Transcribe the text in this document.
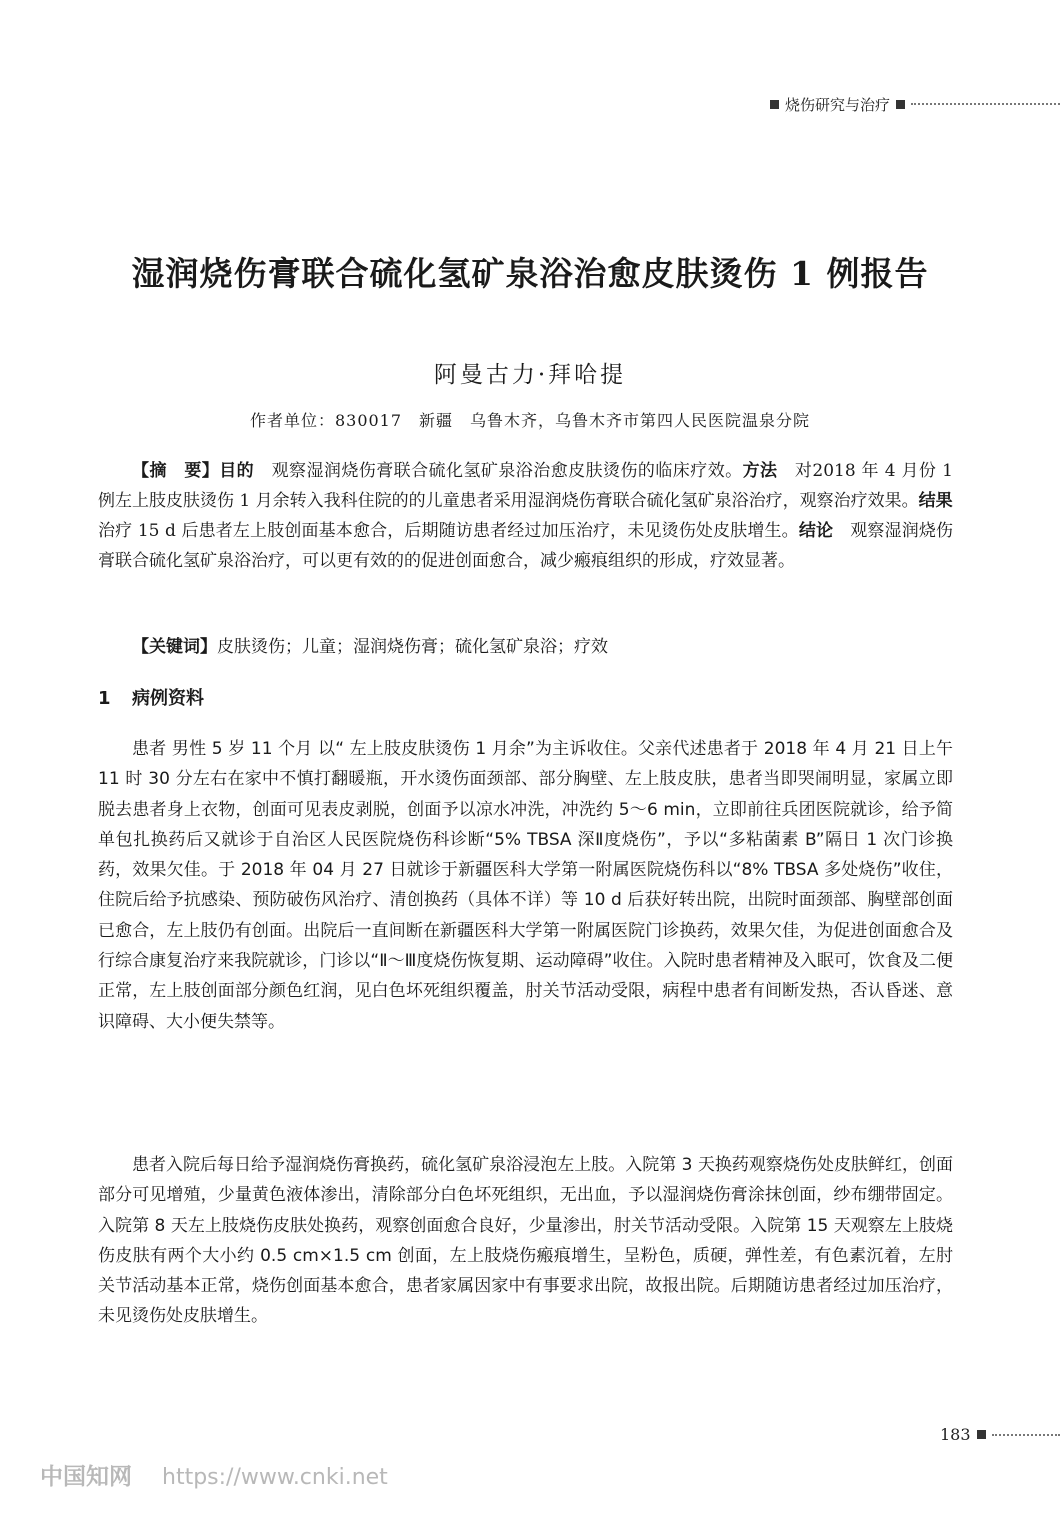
烧伤研究与治疗
湿润烧伤膏联合硫化氢矿泉浴治愈皮肤烫伤 1 例报告
阿曼古力·拜哈提
作者单位：830017　新疆　乌鲁木齐，乌鲁木齐市第四人民医院温泉分院
【摘　要】目的　观察湿润烧伤膏联合硫化氢矿泉浴治愈皮肤烫伤的临床疗效。方法　对2018 年 4 月份 1 例左上肢皮肤烫伤 1 月余转入我科住院的的儿童患者采用湿润烧伤膏联合硫化氢矿泉浴治疗，观察治疗效果。结果　治疗 15 d 后患者左上肢创面基本愈合，后期随访患者经过加压治疗，未见烫伤处皮肤增生。结论　观察湿润烧伤膏联合硫化氢矿泉浴治疗，可以更有效的的促进创面愈合，减少瘢痕组织的形成，疗效显著。
【关键词】皮肤烫伤；儿童；湿润烧伤膏；硫化氢矿泉浴；疗效
1 病例资料

患者 男性 5 岁 11 个月 以“ 左上肢皮肤烫伤 1 月余”为主诉收住。父亲代述患者于 2018 年 4 月 21 日上午 11 时 30 分左右在家中不慎打翻暖瓶，开水烫伤面颈部、部分胸壁、左上肢皮肤，患者当即哭闹明显，家属立即脱去患者身上衣物，创面可见表皮剥脱，创面予以凉水冲洗，冲洗约 5～6 min，立即前往兵团医院就诊，给予简单包扎换药后又就诊于自治区人民医院烧伤科诊断“5% TBSA 深Ⅱ度烧伤”，予以“多粘菌素 B”隔日 1 次门诊换药，效果欠佳。于 2018 年 04 月 27 日就诊于新疆医科大学第一附属医院烧伤科以“8% TBSA 多处烧伤”收住，住院后给予抗感染、预防破伤风治疗、清创换药（具体不详）等 10 d 后获好转出院，出院时面颈部、胸壁部创面已愈合，左上肢仍有创面。出院后一直间断在新疆医科大学第一附属医院门诊换药，效果欠佳，为促进创面愈合及行综合康复治疗来我院就诊，门诊以“Ⅱ～Ⅲ度烧伤恢复期、运动障碍”收住。入院时患者精神及入眠可，饮食及二便正常，左上肢创面部分颜色红润，见白色坏死组织覆盖，肘关节活动受限，病程中患者有间断发热，否认昏迷、意识障碍、大小便失禁等。

患者入院后每日给予湿润烧伤膏换药，硫化氢矿泉浴浸泡左上肢。入院第 3 天换药观察烧伤处皮肤鲜红，创面部分可见增殖，少量黄色液体渗出，清除部分白色坏死组织，无出血，予以湿润烧伤膏涂抹创面，纱布绷带固定。入院第 8 天左上肢烧伤皮肤处换药，观察创面愈合良好，少量渗出，肘关节活动受限。入院第 15 天观察左上肢烧伤皮肤有两个大小约 0.5 cm×1.5 cm 创面，左上肢烧伤瘢痕增生，呈粉色，质硬，弹性差，有色素沉着，左肘关节活动基本正常，烧伤创面基本愈合，患者家属因家中有事要求出院，故报出院。后期随访患者经过加压治疗，未见烫伤处皮肤增生。

183
中国知网 https://www.cnki.net
